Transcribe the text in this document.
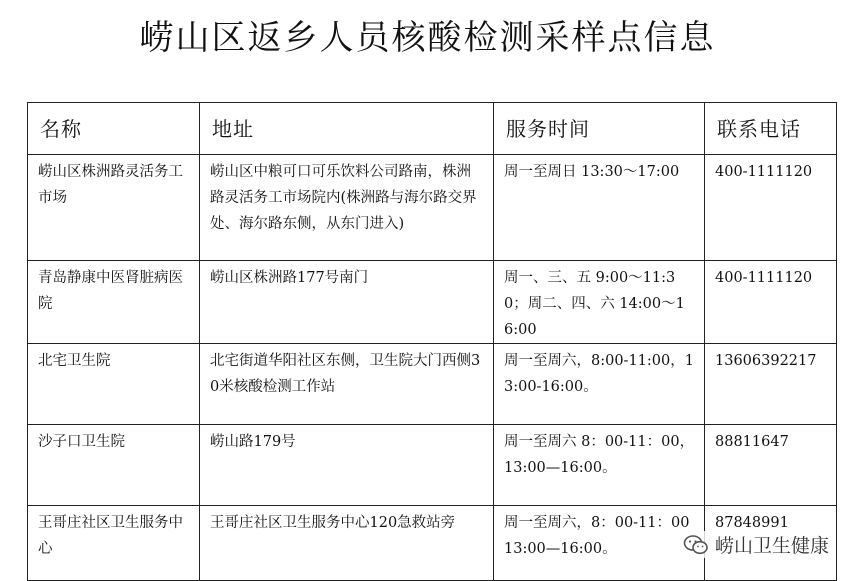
崂山区返乡人员核酸检测采样点信息
名称	地址	服务时间	联系电话
崂山区株洲路灵活务工市场	崂山区中粮可口可乐饮料公司路南，株洲路灵活务工市场院内(株洲路与海尔路交界处、海尔路东侧，从东门进入)	周一至周日 13:30～17:00	400-1111120
青岛静康中医肾脏病医院	崂山区株洲路177号南门	周一、三、五 9:00～11:30；周二、四、六 14:00～16:00	400-1111120
北宅卫生院	北宅街道华阳社区东侧，卫生院大门西侧30米核酸检测工作站	周一至周六，8:00-11:00，13:00-16:00。	13606392217
沙子口卫生院	崂山路179号	周一至周六 8：00-11：00，13:00—16:00。	88811647
王哥庄社区卫生服务中心	王哥庄社区卫生服务中心120急救站旁	周一至周六，8：00-11：00 13:00—16:00。	87848991
崂山卫生健康
